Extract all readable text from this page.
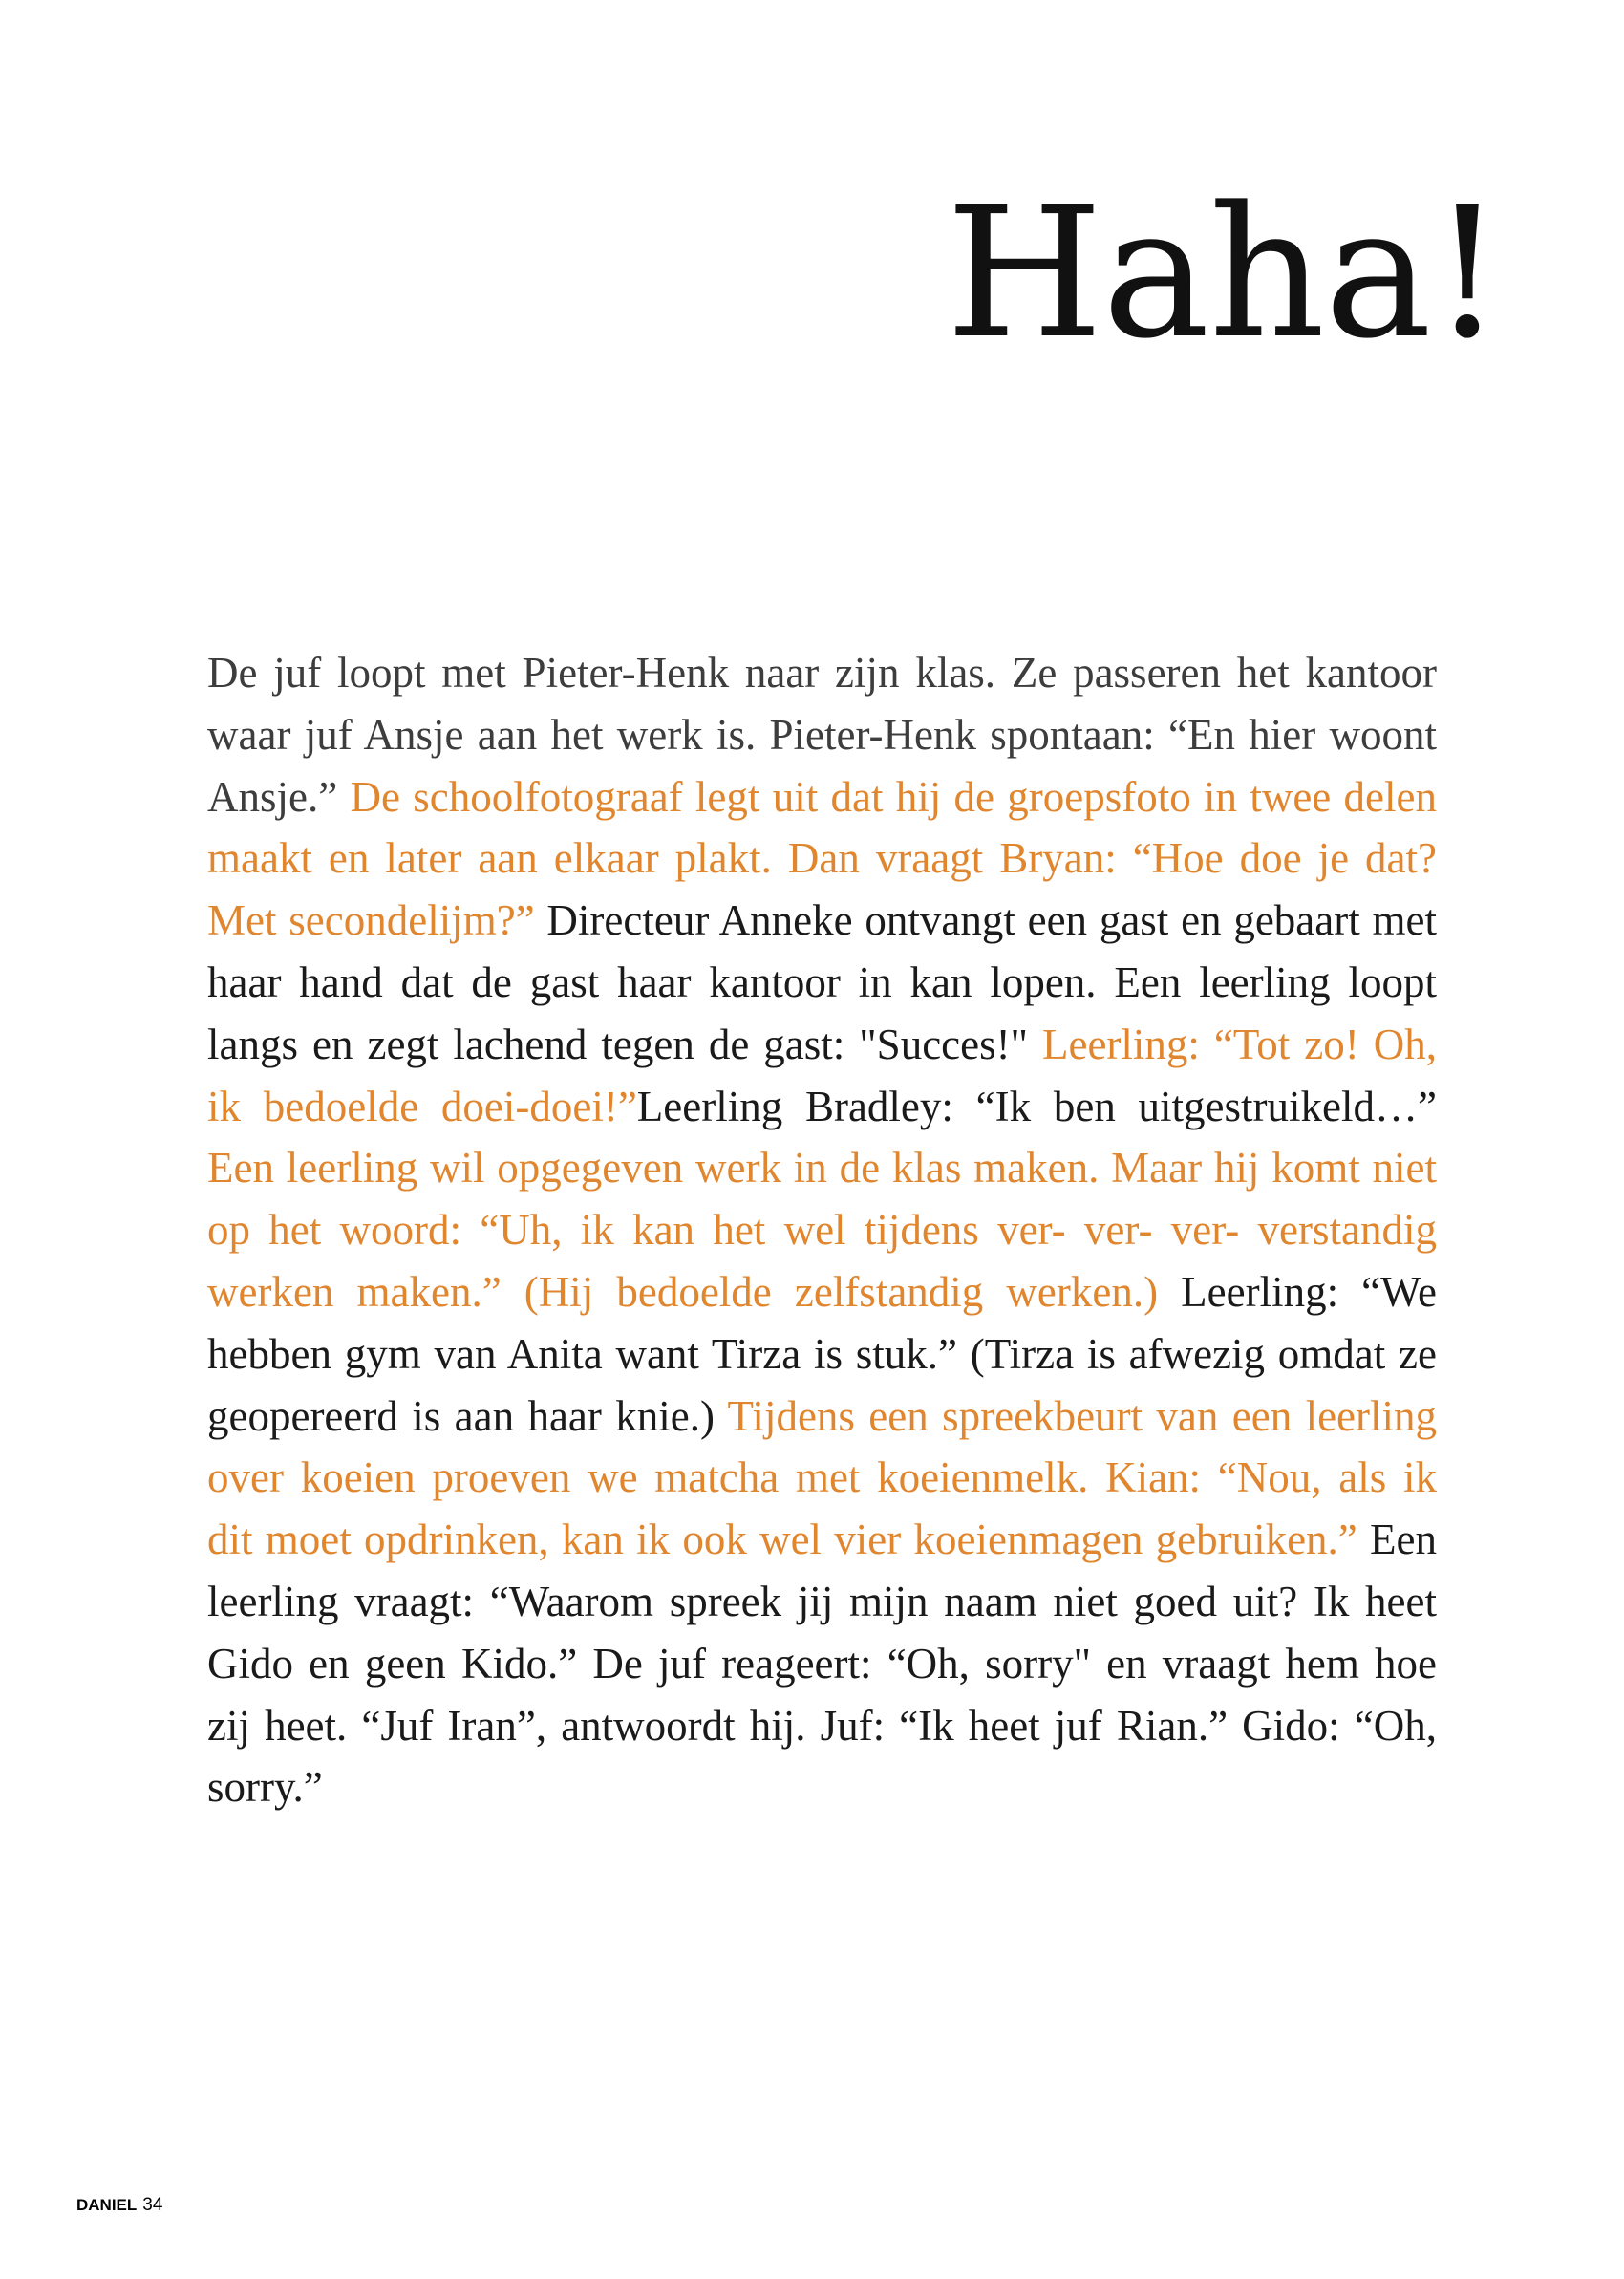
Haha!

De juf loopt met Pieter-Henk naar zijn klas. Ze passeren het kantoor waar juf Ansje aan het werk is. Pieter-Henk spontaan: “En hier woont Ansje.” De schoolfotograaf legt uit dat hij de groepsfoto in twee delen maakt en later aan elkaar plakt. Dan vraagt Bryan: “Hoe doe je dat? Met secondelijm?” Directeur Anneke ontvangt een gast en gebaart met haar hand dat de gast haar kantoor in kan lopen. Een leerling loopt langs en zegt lachend tegen de gast: "Succes!" Leerling: “Tot zo! Oh, ik bedoelde doei-doei!”Leerling Bradley: “Ik ben uitgestruikeld…” Een leerling wil opgegeven werk in de klas maken. Maar hij komt niet op het woord: “Uh, ik kan het wel tijdens ver- ver- ver- verstandig werken maken.” (Hij bedoelde zelfstandig werken.) Leerling: “We hebben gym van Anita want Tirza is stuk.” (Tirza is afwezig omdat ze geopereerd is aan haar knie.) Tijdens een spreekbeurt van een leerling over koeien proeven we matcha met koeienmelk. Kian: “Nou, als ik dit moet opdrinken, kan ik ook wel vier koeienmagen gebruiken.” Een leerling vraagt: “Waarom spreek jij mijn naam niet goed uit? Ik heet Gido en geen Kido.” De juf reageert: “Oh, sorry" en vraagt hem hoe zij heet. “Juf Iran”, antwoordt hij. Juf: “Ik heet juf Rian.” Gido: “Oh, sorry.”

DANIEL 34
